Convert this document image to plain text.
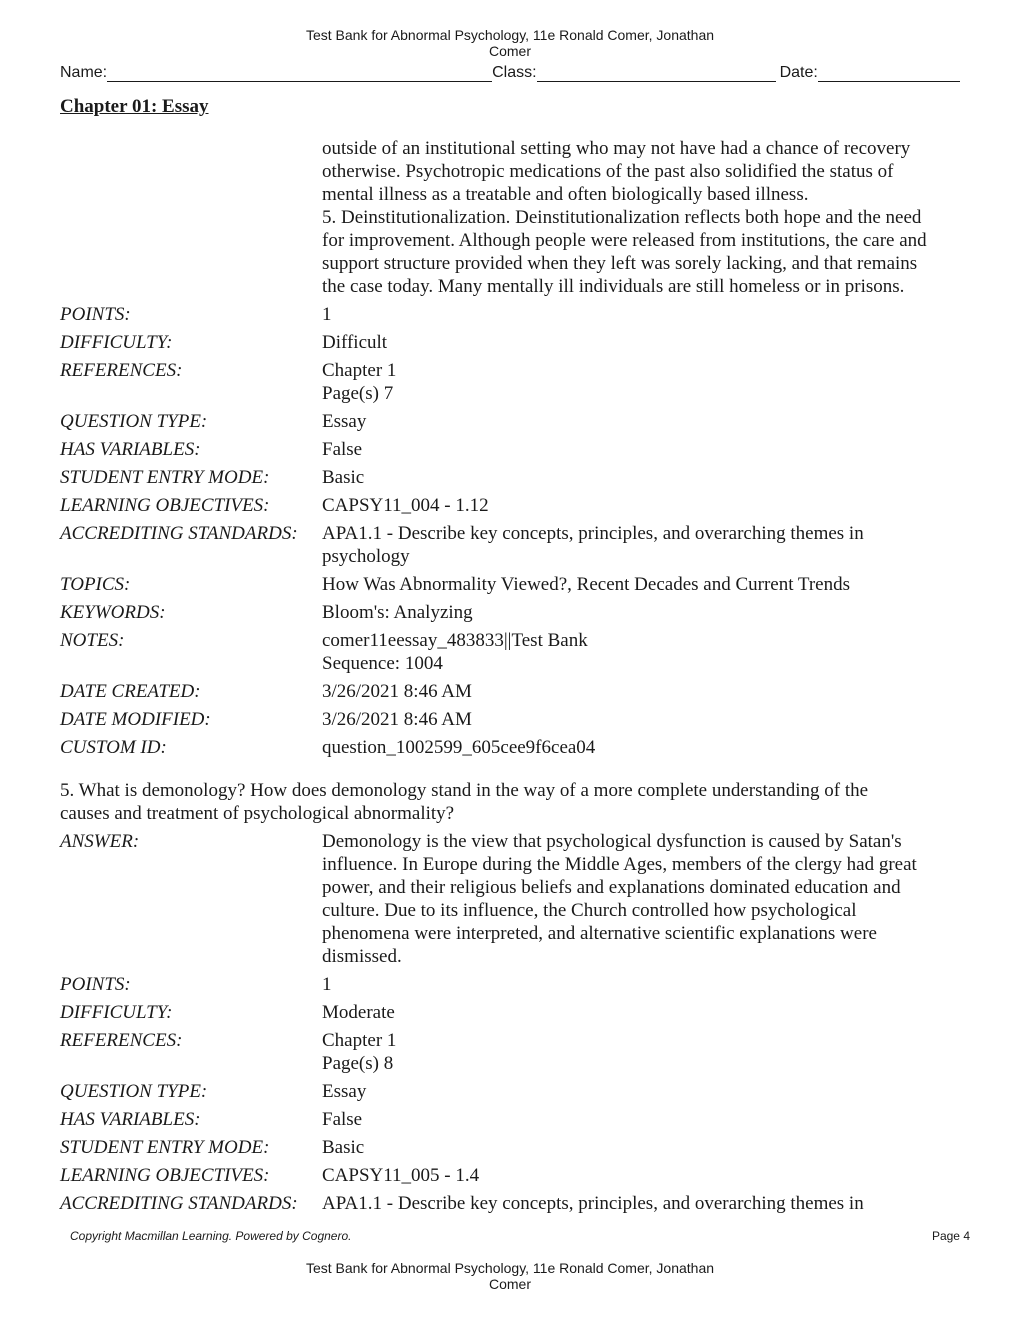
Test Bank for Abnormal Psychology, 11e Ronald Comer, Jonathan
Comer
Name:	Class:	Date:
Chapter 01: Essay
outside of an institutional setting who may not have had a chance of recovery
otherwise. Psychotropic medications of the past also solidified the status of
mental illness as a treatable and often biologically based illness.
5. Deinstitutionalization. Deinstitutionalization reflects both hope and the need
for improvement. Although people were released from institutions, the care and
support structure provided when they left was sorely lacking, and that remains
the case today. Many mentally ill individuals are still homeless or in prisons.
POINTS:	1
DIFFICULTY:	Difficult
REFERENCES:	Chapter 1
Page(s) 7
QUESTION TYPE:	Essay
HAS VARIABLES:	False
STUDENT ENTRY MODE:	Basic
LEARNING OBJECTIVES:	CAPSY11_004 - 1.12
ACCREDITING STANDARDS:	APA1.1 - Describe key concepts, principles, and overarching themes in
psychology
TOPICS:	How Was Abnormality Viewed?, Recent Decades and Current Trends
KEYWORDS:	Bloom's: Analyzing
NOTES:	comer11eessay_483833||Test Bank
Sequence: 1004
DATE CREATED:	3/26/2021 8:46 AM
DATE MODIFIED:	3/26/2021 8:46 AM
CUSTOM ID:	question_1002599_605cee9f6cea04
5. What is demonology? How does demonology stand in the way of a more complete understanding of the
causes and treatment of psychological abnormality?
ANSWER:	Demonology is the view that psychological dysfunction is caused by Satan's
influence. In Europe during the Middle Ages, members of the clergy had great
power, and their religious beliefs and explanations dominated education and
culture. Due to its influence, the Church controlled how psychological
phenomena were interpreted, and alternative scientific explanations were
dismissed.
POINTS:	1
DIFFICULTY:	Moderate
REFERENCES:	Chapter 1
Page(s) 8
QUESTION TYPE:	Essay
HAS VARIABLES:	False
STUDENT ENTRY MODE:	Basic
LEARNING OBJECTIVES:	CAPSY11_005 - 1.4
ACCREDITING STANDARDS:	APA1.1 - Describe key concepts, principles, and overarching themes in
Copyright Macmillan Learning. Powered by Cognero.	Page 4
Test Bank for Abnormal Psychology, 11e Ronald Comer, Jonathan
Comer
